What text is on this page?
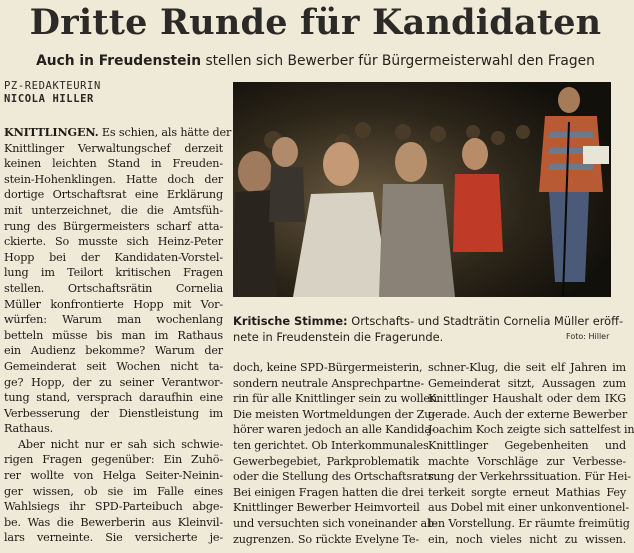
Dritte Runde für Kandidaten
Auch in Freudenstein stellen sich Bewerber für Bürgermeisterwahl den Fragen
PZ-REDAKTEURIN
NICOLA HILLER
KNITTLINGEN. Es schien, als hätte der
Knittlinger Verwaltungschef derzeit
keinen leichten Stand in Freuden-
stein-Hohenklingen. Hatte doch der
dortige Ortschaftsrat eine Erklärung
mit unterzeichnet, die die Amtsfüh-
rung des Bürgermeisters scharf atta-
ckierte. So musste sich Heinz-Peter
Hopp bei der Kandidaten-Vorstel-
lung im Teilort kritischen Fragen
stellen. Ortschaftsrätin Cornelia
Müller konfrontierte Hopp mit Vor-
würfen: Warum man wochenlang
betteln müsse bis man im Rathaus
ein Audienz bekomme? Warum der
Gemeinderat seit Wochen nicht ta-
ge? Hopp, der zu seiner Verantwor-
tung stand, versprach daraufhin eine
Verbesserung der Dienstleistung im
Rathaus.
Aber nicht nur er sah sich schwie-
rigen Fragen gegenüber: Ein Zuhö-
rer wollte von Helga Seiter-Neinin-
ger wissen, ob sie im Falle eines
Wahlsiegs ihr SPD-Parteibuch abge-
be. Was die Bewerberin aus Kleinvil-
lars verneinte. Sie versicherte je-
doch, keine SPD-Bürgermeisterin,
sondern neutrale Ansprechpartne-
rin für alle Knittlinger sein zu wollen.
Die meisten Wortmeldungen der Zu-
hörer waren jedoch an alle Kandida-
ten gerichtet. Ob Interkommunales
Gewerbegebiet, Parkproblematik
oder die Stellung des Ortschaftsrats:
Bei einigen Fragen hatten die drei
Knittlinger Bewerber Heimvorteil
und versuchten sich voneinander ab-
zugrenzen. So rückte Evelyne Te-
schner-Klug, die seit elf Jahren im
Gemeinderat sitzt, Aussagen zum
Knittlinger Haushalt oder dem IKG
gerade. Auch der externe Bewerber
Joachim Koch zeigte sich sattelfest in
Knittlinger Gegebenheiten und
machte Vorschläge zur Verbesse-
rung der Verkehrssituation. Für Hei-
terkeit sorgte erneut Mathias Fey
aus Dobel mit einer unkonventionel-
len Vorstellung. Er räumte freimütig
ein, noch vieles nicht zu wissen.
Kritische Stimme: Ortschafts- und Stadträtin Cornelia Müller eröff-
nete in Freudenstein die Fragerunde.	Foto: Hiller
